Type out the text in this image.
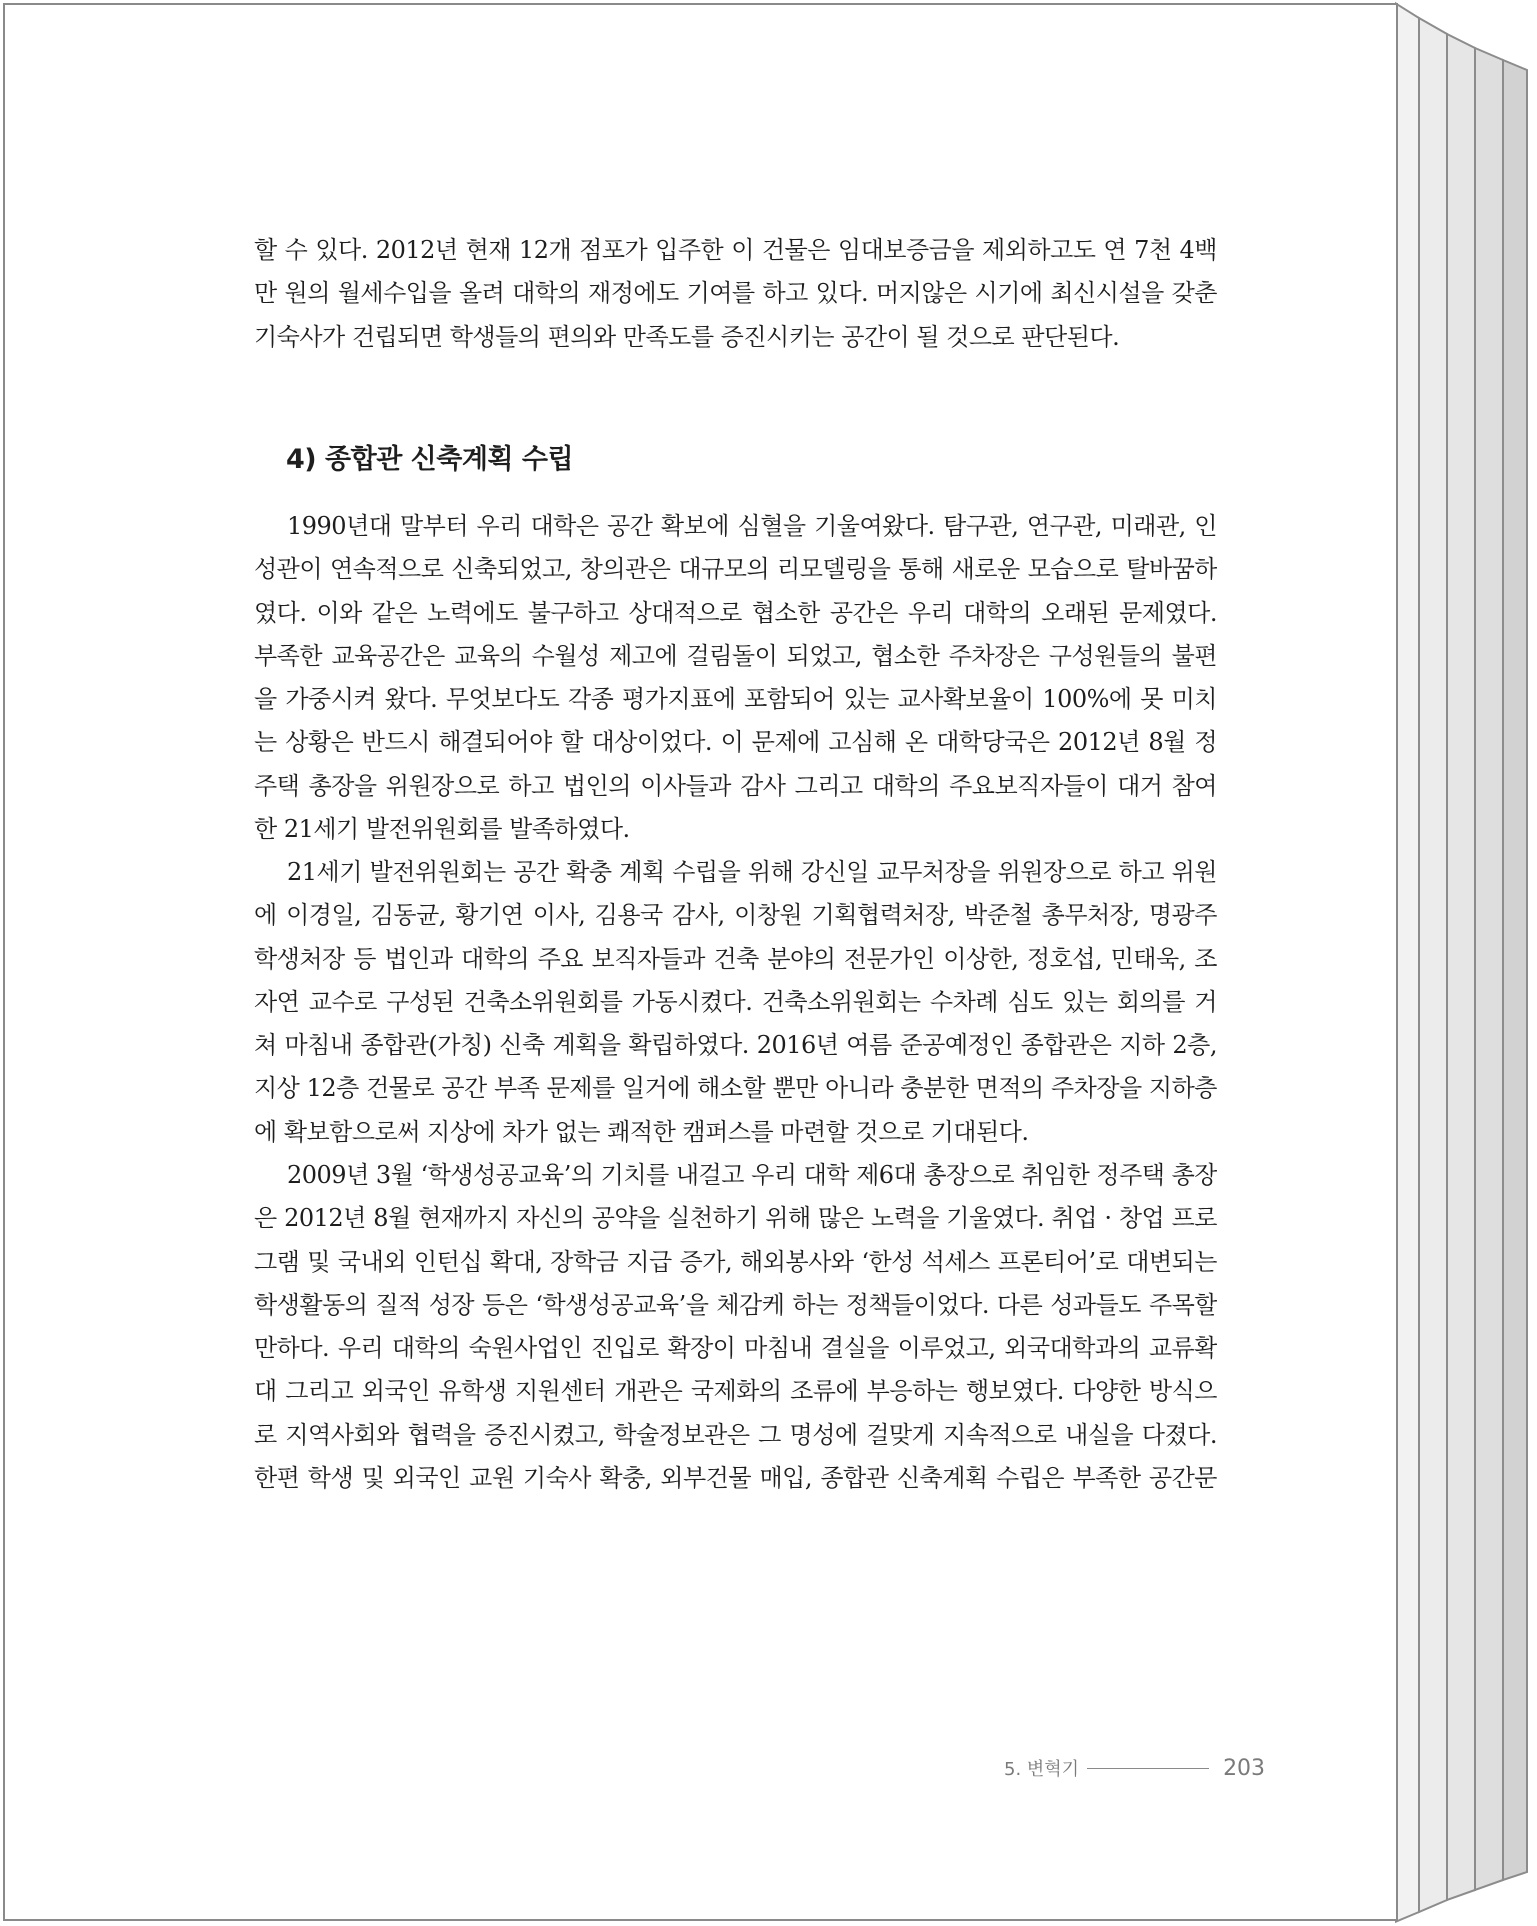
할 수 있다. 2012년 현재 12개 점포가 입주한 이 건물은 임대보증금을 제외하고도 연 7천 4백
만 원의 월세수입을 올려 대학의 재정에도 기여를 하고 있다. 머지않은 시기에 최신시설을 갖춘
기숙사가 건립되면 학생들의 편의와 만족도를 증진시키는 공간이 될 것으로 판단된다.
4) 종합관 신축계획 수립
1990년대 말부터 우리 대학은 공간 확보에 심혈을 기울여왔다. 탐구관, 연구관, 미래관, 인
성관이 연속적으로 신축되었고, 창의관은 대규모의 리모델링을 통해 새로운 모습으로 탈바꿈하
였다. 이와 같은 노력에도 불구하고 상대적으로 협소한 공간은 우리 대학의 오래된 문제였다.
부족한 교육공간은 교육의 수월성 제고에 걸림돌이 되었고, 협소한 주차장은 구성원들의 불편
을 가중시켜 왔다. 무엇보다도 각종 평가지표에 포함되어 있는 교사확보율이 100%에 못 미치
는 상황은 반드시 해결되어야 할 대상이었다. 이 문제에 고심해 온 대학당국은 2012년 8월 정
주택 총장을 위원장으로 하고 법인의 이사들과 감사 그리고 대학의 주요보직자들이 대거 참여
한 21세기 발전위원회를 발족하였다.
21세기 발전위원회는 공간 확충 계획 수립을 위해 강신일 교무처장을 위원장으로 하고 위원
에 이경일, 김동균, 황기연 이사, 김용국 감사, 이창원 기획협력처장, 박준철 총무처장, 명광주
학생처장 등 법인과 대학의 주요 보직자들과 건축 분야의 전문가인 이상한, 정호섭, 민태욱, 조
자연 교수로 구성된 건축소위원회를 가동시켰다. 건축소위원회는 수차례 심도 있는 회의를 거
쳐 마침내 종합관(가칭) 신축 계획을 확립하였다. 2016년 여름 준공예정인 종합관은 지하 2층,
지상 12층 건물로 공간 부족 문제를 일거에 해소할 뿐만 아니라 충분한 면적의 주차장을 지하층
에 확보함으로써 지상에 차가 없는 쾌적한 캠퍼스를 마련할 것으로 기대된다.
2009년 3월 ‘학생성공교육’의 기치를 내걸고 우리 대학 제6대 총장으로 취임한 정주택 총장
은 2012년 8월 현재까지 자신의 공약을 실천하기 위해 많은 노력을 기울였다. 취업 · 창업 프로
그램 및 국내외 인턴십 확대, 장학금 지급 증가, 해외봉사와 ‘한성 석세스 프론티어’로 대변되는
학생활동의 질적 성장 등은 ‘학생성공교육’을 체감케 하는 정책들이었다. 다른 성과들도 주목할
만하다. 우리 대학의 숙원사업인 진입로 확장이 마침내 결실을 이루었고, 외국대학과의 교류확
대 그리고 외국인 유학생 지원센터 개관은 국제화의 조류에 부응하는 행보였다. 다양한 방식으
로 지역사회와 협력을 증진시켰고, 학술정보관은 그 명성에 걸맞게 지속적으로 내실을 다졌다.
한편 학생 및 외국인 교원 기숙사 확충, 외부건물 매입, 종합관 신축계획 수립은 부족한 공간문
5. 변혁기	203
